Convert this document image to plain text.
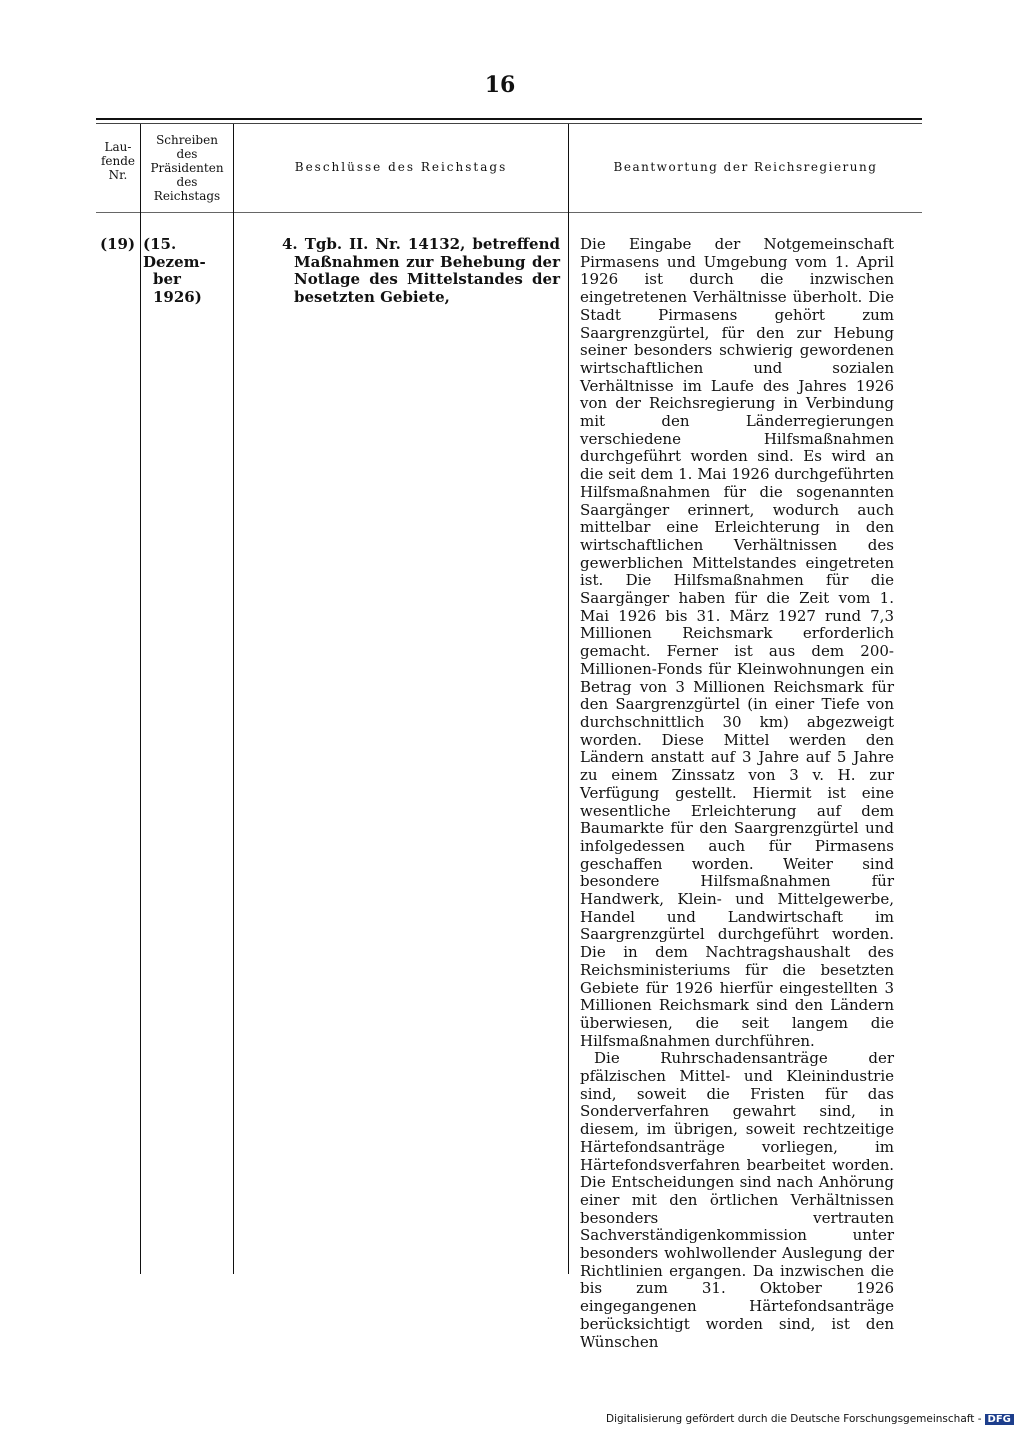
16
Lau-
fende
Nr.
Schreiben
des
Präsidenten
des
Reichstags
Beschlüsse des Reichstags	Beantwortung der Reichsregierung
(19) (15. Dezem-
ber 1926)
4. Tgb. II. Nr. 14132, betreffend
Maßnahmen zur Behebung der
Notlage des Mittelstandes der
besetzten Gebiete,

Die Eingabe der Notgemeinschaft Pirmasens und Umgebung vom 1. April 1926 ist durch die inzwischen eingetretenen Verhältnisse überholt. Die Stadt Pirmasens gehört zum Saargrenzgürtel, für den zur Hebung seiner besonders schwierig gewordenen wirtschaftlichen und sozialen Verhältnisse im Laufe des Jahres 1926 von der Reichsregierung in Verbindung mit den Länderregierungen verschiedene Hilfsmaßnahmen durchgeführt worden sind. Es wird an die seit dem 1. Mai 1926 durchgeführten Hilfsmaßnahmen für die sogenannten Saargänger erinnert, wodurch auch mittelbar eine Erleichterung in den wirtschaftlichen Verhältnissen des gewerblichen Mittelstandes eingetreten ist. Die Hilfsmaßnahmen für die Saargänger haben für die Zeit vom 1. Mai 1926 bis 31. März 1927 rund 7,3 Millionen Reichsmark erforderlich gemacht. Ferner ist aus dem 200-Millionen-Fonds für Kleinwohnungen ein Betrag von 3 Millionen Reichsmark für den Saargrenzgürtel (in einer Tiefe von durchschnittlich 30 km) abgezweigt worden. Diese Mittel werden den Ländern anstatt auf 3 Jahre auf 5 Jahre zu einem Zinssatz von 3 v. H. zur Verfügung gestellt. Hiermit ist eine wesentliche Erleichterung auf dem Baumarkte für den Saargrenzgürtel und infolgedessen auch für Pirmasens geschaffen worden. Weiter sind besondere Hilfsmaßnahmen für Handwerk, Klein- und Mittelgewerbe, Handel und Landwirtschaft im Saargrenzgürtel durchgeführt worden. Die in dem Nachtragshaushalt des Reichsministeriums für die besetzten Gebiete für 1926 hierfür eingestellten 3 Millionen Reichsmark sind den Ländern überwiesen, die seit langem die Hilfsmaßnahmen durchführen.

Die Ruhrschadensanträge der pfälzischen Mittel- und Kleinindustrie sind, soweit die Fristen für das Sonderverfahren gewahrt sind, in diesem, im übrigen, soweit rechtzeitige Härtefondsanträge vorliegen, im Härtefondsverfahren bearbeitet worden. Die Entscheidungen sind nach Anhörung einer mit den örtlichen Verhältnissen besonders vertrauten Sachverständigenkommission unter besonders wohlwollender Auslegung der Richtlinien ergangen. Da inzwischen die bis zum 31. Oktober 1926 eingegangenen Härtefondsanträge berücksichtigt worden sind, ist den Wünschen

Digitalisierung gefördert durch die Deutsche Forschungsgemeinschaft - DFG
